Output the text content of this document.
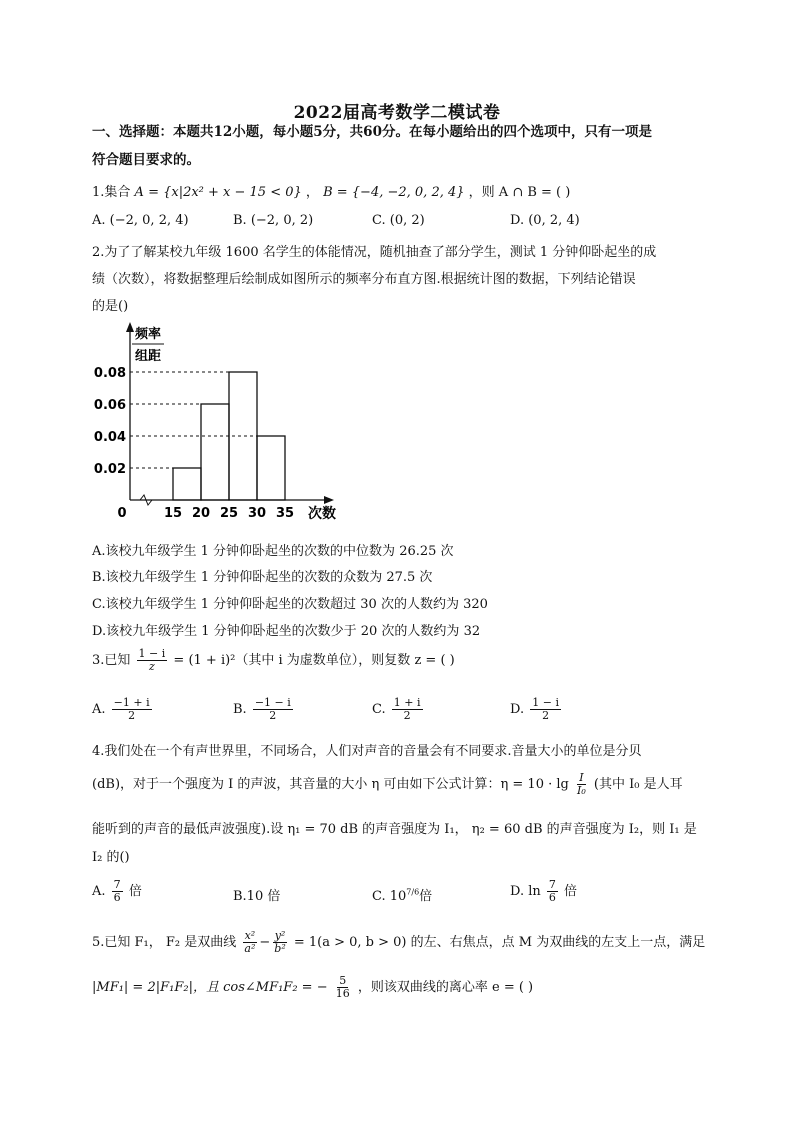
2022届高考数学二模试卷
一、选择题：本题共12小题，每小题5分，共60分。在每小题给出的四个选项中，只有一项是
符合题目要求的。
1.集合 A = {x|2x² + x − 15 < 0} ， B = {−4, −2, 0, 2, 4} ，则 A ∩ B = ( )
A. (−2, 0, 2, 4)	B. (−2, 0, 2)	C. (0, 2)	D. (0, 2, 4)
2.为了了解某校九年级 1600 名学生的体能情况，随机抽查了部分学生，测试 1 分钟仰卧起坐的成
绩（次数），将数据整理后绘制成如图所示的频率分布直方图.根据统计图的数据，下列结论错误
的是()
频率
组距
0.02
0.04
0.06
0.08
15 20 25 30 35
0	次数
A.该校九年级学生 1 分钟仰卧起坐的次数的中位数为 26.25 次
B.该校九年级学生 1 分钟仰卧起坐的次数的众数为 27.5 次
C.该校九年级学生 1 分钟仰卧起坐的次数超过 30 次的人数约为 320
D.该校九年级学生 1 分钟仰卧起坐的次数少于 20 次的人数约为 32
3.已知 $\frac{1 - i}{z} = (1 + i)^2$（其中 i 为虚数单位），则复数 z = ( )
A. $\frac{-1 + i}{2}$	B. $\frac{-1 - i}{2}$	C. $\frac{1 + i}{2}$	D. $\frac{1 - i}{2}$
4.我们处在一个有声世界里，不同场合，人们对声音的音量会有不同要求.音量大小的单位是分贝
(dB)，对于一个强度为 I 的声波，其音量的大小 η 可由如下公式计算：$\eta = 10 \cdot \lg \frac{I}{\text{I₀}}$ (其中 I₀ 是人耳
能听到的声音的最低声波强度).设 η₁ = 70 dB 的声音强度为 I₁， η₂ = 60 dB 的声音强度为 I₂，则 I₁ 是
I₂ 的()
A. $\frac{7}{6}$ 倍	B.10 倍	C. $10^{7/6}$倍	D. $\ln \frac{7}{6}$ 倍
5.已知 F₁， F₂ 是双曲线 $\frac{\text{x²}}{\text{a²}} - \frac{\text{y²}}{\text{b²}} = 1(a > 0$, b > 0) 的左、右焦点，点 M 为双曲线的左支上一点，满足
|MF₁| = 2|F₁F₂|，且 cos∠MF₁F₂ = − $\frac{5}{16}$ ，则该双曲线的离心率 e = ( )
